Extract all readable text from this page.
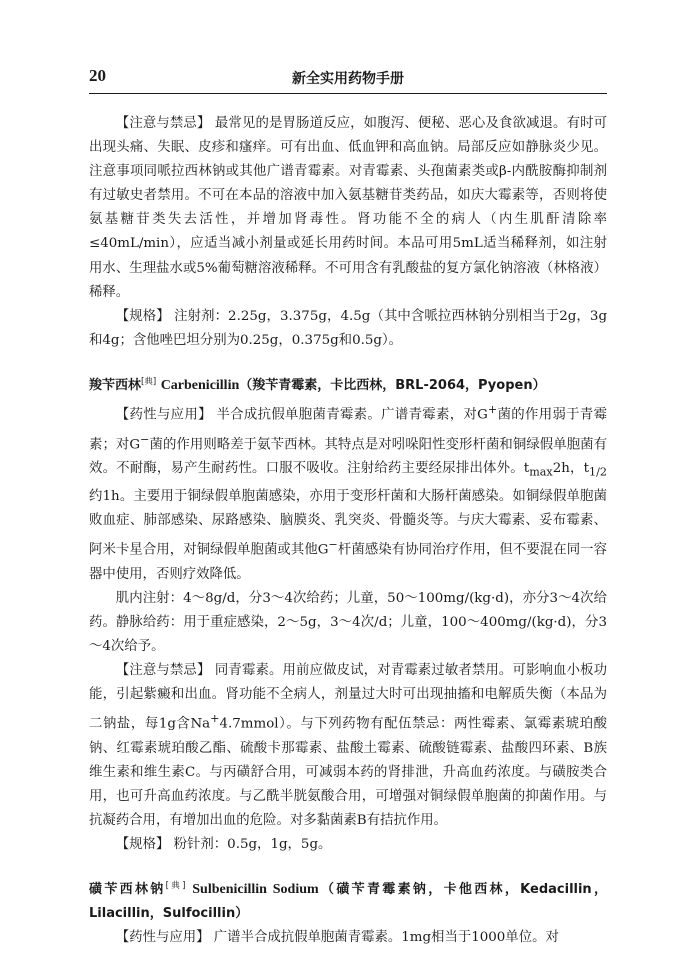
20	新全实用药物手册

【注意与禁忌】 最常见的是胃肠道反应，如腹泻、便秘、恶心及食欲减退。有时可出现头痛、失眠、皮疹和瘙痒。可有出血、低血钾和高血钠。局部反应如静脉炎少见。注意事项同哌拉西林钠或其他广谱青霉素。对青霉素、头孢菌素类或β-内酰胺酶抑制剂有过敏史者禁用。不可在本品的溶液中加入氨基糖苷类药品，如庆大霉素等，否则将使氨基糖苷类失去活性，并增加肾毒性。肾功能不全的病人（内生肌酐清除率≤40mL/min），应适当减小剂量或延长用药时间。本品可用5mL适当稀释剂，如注射用水、生理盐水或5%葡萄糖溶液稀释。不可用含有乳酸盐的复方氯化钠溶液（林格液）稀释。

【规格】 注射剂：2.25g，3.375g，4.5g（其中含哌拉西林钠分别相当于2g，3g和4g；含他唑巴坦分别为0.25g，0.375g和0.5g）。

羧苄西林[典] Carbenicillin（羧苄青霉素，卡比西林，BRL-2064，Pyopen）

【药性与应用】 半合成抗假单胞菌青霉素。广谱青霉素，对G+菌的作用弱于青霉素；对G−菌的作用则略差于氨苄西林。其特点是对吲哚阳性变形杆菌和铜绿假单胞菌有效。不耐酶，易产生耐药性。口服不吸收。注射给药主要经尿排出体外。$t_{max}2h$，$t_{1/2}$约1h。主要用于铜绿假单胞菌感染，亦用于变形杆菌和大肠杆菌感染。如铜绿假单胞菌败血症、肺部感染、尿路感染、脑膜炎、乳突炎、骨髓炎等。与庆大霉素、妥布霉素、阿米卡星合用，对铜绿假单胞菌或其他G−杆菌感染有协同治疗作用，但不要混在同一容器中使用，否则疗效降低。

肌内注射：4～8g/d，分3～4次给药；儿童，50～100mg/(kg·d)，亦分3～4次给药。静脉给药：用于重症感染，2～5g，3～4次/d；儿童，100～400mg/(kg·d)，分3～4次给予。

【注意与禁忌】 同青霉素。用前应做皮试，对青霉素过敏者禁用。可影响血小板功能，引起紫癜和出血。肾功能不全病人，剂量过大时可出现抽搐和电解质失衡（本品为二钠盐，每1g含Na+4.7mmol）。与下列药物有配伍禁忌：两性霉素、氯霉素琥珀酸钠、红霉素琥珀酸乙酯、硫酸卡那霉素、盐酸土霉素、硫酸链霉素、盐酸四环素、B族维生素和维生素C。与丙磺舒合用，可减弱本药的肾排泄，升高血药浓度。与磺胺类合用，也可升高血药浓度。与乙酰半胱氨酸合用，可增强对铜绿假单胞菌的抑菌作用。与抗凝药合用，有增加出血的危险。对多黏菌素B有拮抗作用。

【规格】 粉针剂：0.5g，1g，5g。

磺苄西林钠[典] Sulbenicillin Sodium（磺苄青霉素钠，卡他西林，Kedacillin，Lilacillin，Sulfocillin）

【药性与应用】 广谱半合成抗假单胞菌青霉素。1mg相当于1000单位。对
